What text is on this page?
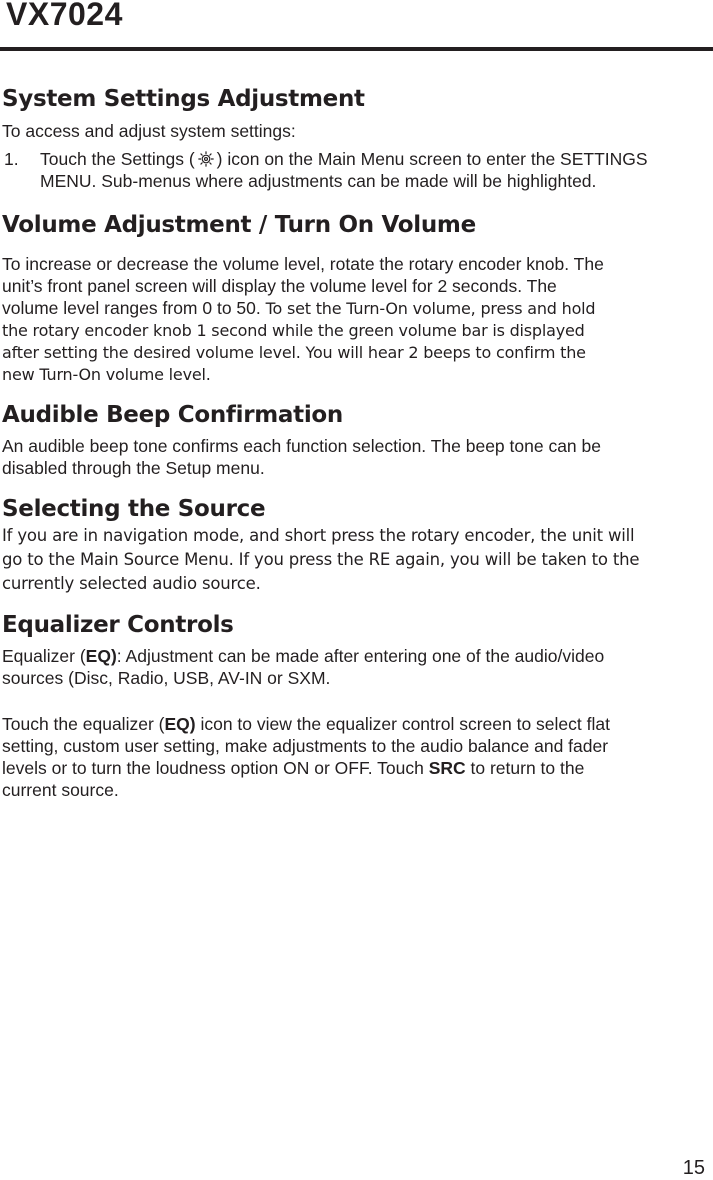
VX7024
System Settings Adjustment
To access and adjust system settings:
1. Touch the Settings ( ) icon on the Main Menu screen to enter the SETTINGS
MENU. Sub-menus where adjustments can be made will be highlighted.
Volume Adjustment / Turn On Volume
To increase or decrease the volume level, rotate the rotary encoder knob. The
unit’s front panel screen will display the volume level for 2 seconds. The
volume level ranges from 0 to 50. To set the Turn-On volume, press and hold
the rotary encoder knob 1 second while the green volume bar is displayed
after setting the desired volume level. You will hear 2 beeps to confirm the
new Turn-On volume level.
Audible Beep Confirmation
An audible beep tone confirms each function selection. The beep tone can be
disabled through the Setup menu.
Selecting the Source
If you are in navigation mode, and short press the rotary encoder, the unit will
go to the Main Source Menu. If you press the RE again, you will be taken to the
currently selected audio source.
Equalizer Controls
Equalizer (EQ): Adjustment can be made after entering one of the audio/video
sources (Disc, Radio, USB, AV-IN or SXM.
Touch the equalizer (EQ) icon to view the equalizer control screen to select flat
setting, custom user setting, make adjustments to the audio balance and fader
levels or to turn the loudness option ON or OFF. Touch SRC to return to the
current source.
15
